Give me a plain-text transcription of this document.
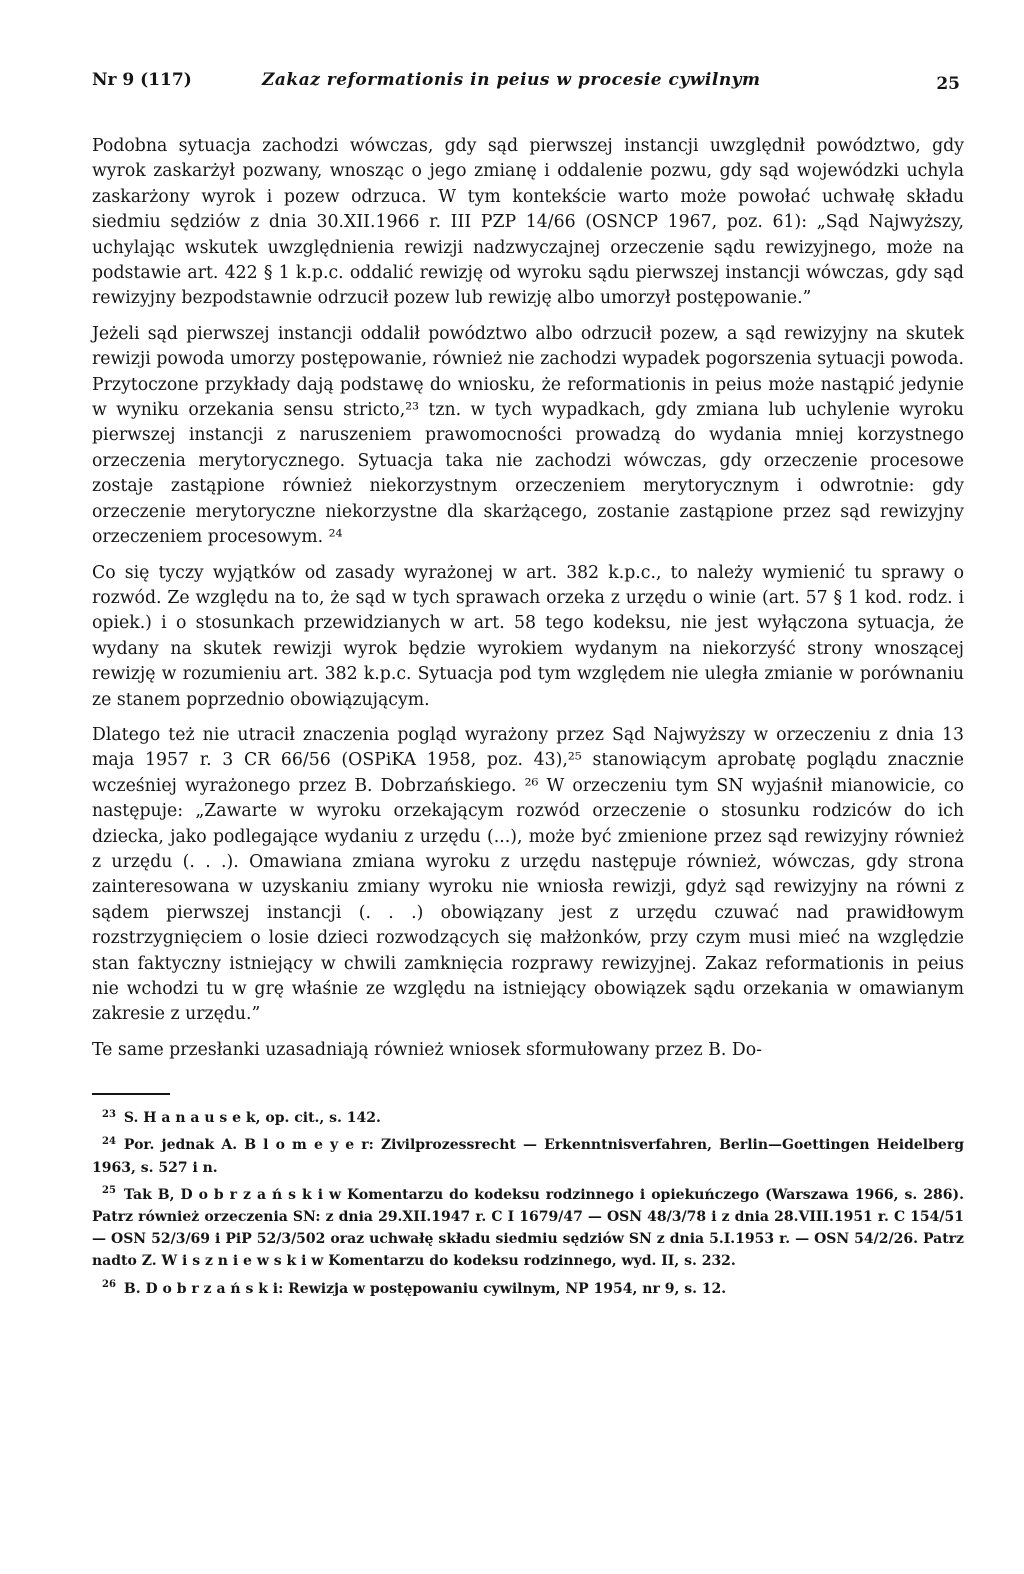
Nr 9 (117)	Zakaz reformationis in peius w procesie cywilnym	25

Podobna sytuacja zachodzi wówczas, gdy sąd pierwszej instancji uwzględnił powództwo, gdy wyrok zaskarżył pozwany, wnosząc o jego zmianę i oddalenie pozwu, gdy sąd wojewódzki uchyla zaskarżony wyrok i pozew odrzuca. W tym kontekście warto może powołać uchwałę składu siedmiu sędziów z dnia 30.XII.1966 r. III PZP 14/66 (OSNCP 1967, poz. 61): „Sąd Najwyższy, uchylając wskutek uwzględnienia rewizji nadzwyczajnej orzeczenie sądu rewizyjnego, może na podstawie art. 422 § 1 k.p.c. oddalić rewizję od wyroku sądu pierwszej instancji wówczas, gdy sąd rewizyjny bezpodstawnie odrzucił pozew lub rewizję albo umorzył postępowanie.”

Jeżeli sąd pierwszej instancji oddalił powództwo albo odrzucił pozew, a sąd rewizyjny na skutek rewizji powoda umorzy postępowanie, również nie zachodzi wypadek pogorszenia sytuacji powoda. Przytoczone przykłady dają podstawę do wniosku, że reformationis in peius może nastąpić jedynie w wyniku orzekania sensu stricto,²³ tzn. w tych wypadkach, gdy zmiana lub uchylenie wyroku pierwszej instancji z naruszeniem prawomocności prowadzą do wydania mniej korzystnego orzeczenia merytorycznego. Sytuacja taka nie zachodzi wówczas, gdy orzeczenie procesowe zostaje zastąpione również niekorzystnym orzeczeniem merytorycznym i odwrotnie: gdy orzeczenie merytoryczne niekorzystne dla skarżącego, zostanie zastąpione przez sąd rewizyjny orzeczeniem procesowym. ²⁴

Co się tyczy wyjątków od zasady wyrażonej w art. 382 k.p.c., to należy wymienić tu sprawy o rozwód. Ze względu na to, że sąd w tych sprawach orzeka z urzędu o winie (art. 57 § 1 kod. rodz. i opiek.) i o stosunkach przewidzianych w art. 58 tego kodeksu, nie jest wyłączona sytuacja, że wydany na skutek rewizji wyrok będzie wyrokiem wydanym na niekorzyść strony wnoszącej rewizję w rozumieniu art. 382 k.p.c. Sytuacja pod tym względem nie uległa zmianie w porównaniu ze stanem poprzednio obowiązującym.

Dlatego też nie utracił znaczenia pogląd wyrażony przez Sąd Najwyższy w orzeczeniu z dnia 13 maja 1957 r. 3 CR 66/56 (OSPiKA 1958, poz. 43),²⁵ stanowiącym aprobatę poglądu znacznie wcześniej wyrażonego przez B. Dobrzańskiego. ²⁶ W orzeczeniu tym SN wyjaśnił mianowicie, co następuje: „Zawarte w wyroku orzekającym rozwód orzeczenie o stosunku rodziców do ich dziecka, jako podlegające wydaniu z urzędu (...), może być zmienione przez sąd rewizyjny również z urzędu (. . .). Omawiana zmiana wyroku z urzędu następuje również, wówczas, gdy strona zainteresowana w uzyskaniu zmiany wyroku nie wniosła rewizji, gdyż sąd rewizyjny na równi z sądem pierwszej instancji (. . .) obowiązany jest z urzędu czuwać nad prawidłowym rozstrzygnięciem o losie dzieci rozwodzących się małżonków, przy czym musi mieć na względzie stan faktyczny istniejący w chwili zamknięcia rozprawy rewizyjnej. Zakaz reformationis in peius nie wchodzi tu w grę właśnie ze względu na istniejący obowiązek sądu orzekania w omawianym zakresie z urzędu.”

Te same przesłanki uzasadniają również wniosek sformułowany przez B. Do-

$^{23}$ S. H a n a u s e k, op. cit., s. 142.
$^{24}$ Por. jednak A. B l o m e y e r: Zivilprozessrecht — Erkenntnisverfahren, Berlin—Goettingen Heidelberg 1963, s. 527 i n.
$^{25}$ Tak B, D o b r z a ń s k i w Komentarzu do kodeksu rodzinnego i opiekuńczego (Warszawa 1966, s. 286). Patrz również orzeczenia SN: z dnia 29.XII.1947 r. C I 1679/47 — OSN 48/3/78 i z dnia 28.VIII.1951 r. C 154/51 — OSN 52/3/69 i PiP 52/3/502 oraz uchwałę składu siedmiu sędziów SN z dnia 5.I.1953 r. — OSN 54/2/26. Patrz nadto Z. W i s z n i e w s k i w Komentarzu do kodeksu rodzinnego, wyd. II, s. 232.
$^{26}$ B. D o b r z a ń s k i: Rewizja w postępowaniu cywilnym, NP 1954, nr 9, s. 12.
